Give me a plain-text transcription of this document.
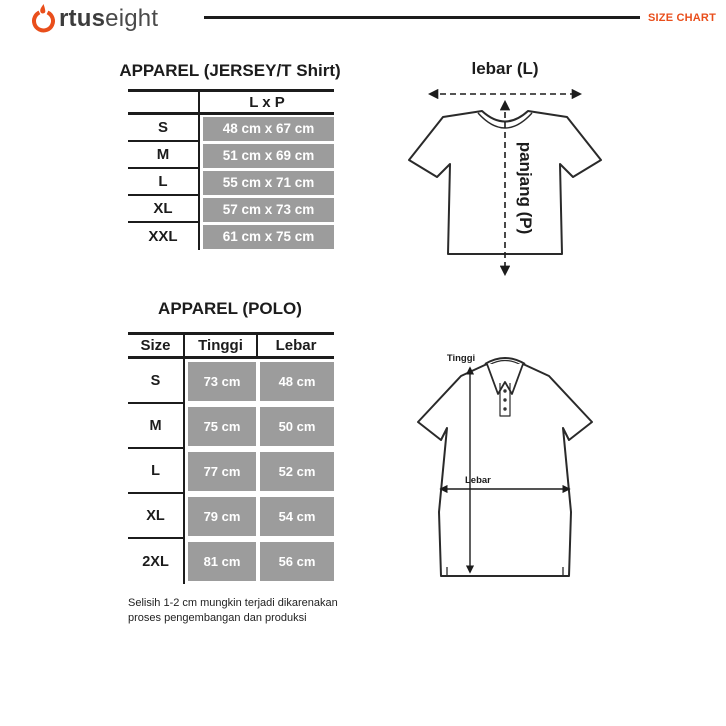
rtuseight	SIZE CHART
APPAREL (JERSEY/T Shirt)
L x P
S	48 cm x 67 cm
M	51 cm x 69 cm
L	55 cm x 71 cm
XL	57 cm x 73 cm
XXL	61 cm x 75 cm
APPAREL (POLO)
Size	Tinggi	Lebar
S	73 cm	48 cm
M	75 cm	50 cm
L	77 cm	52 cm
XL	79 cm	54 cm
2XL	81 cm	56 cm
Selisih 1-2 cm mungkin terjadi dikarenakan
proses pengembangan dan produksi
lebar (L)
panjang (P)
Tinggi
Lebar
